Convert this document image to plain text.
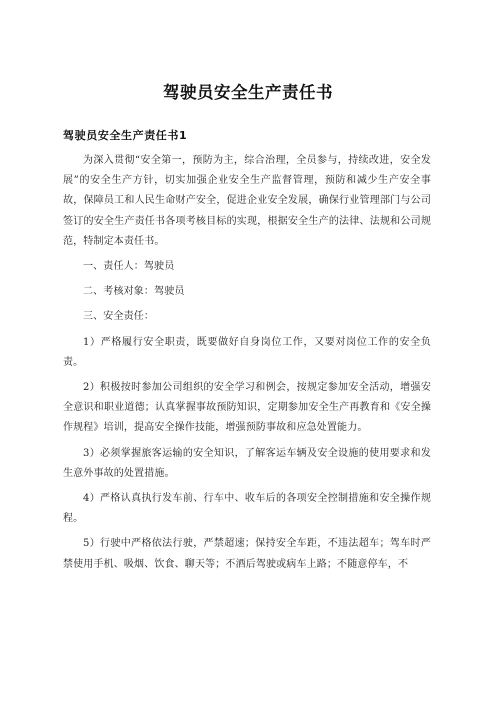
驾驶员安全生产责任书
驾驶员安全生产责任书1

为深入贯彻“安全第一，预防为主，综合治理，全员参与，持续改进，安全发展”的安全生产方针，切实加强企业安全生产监督管理，预防和减少生产安全事故，保障员工和人民生命财产安全，促进企业安全发展，确保行业管理部门与公司签订的安全生产责任书各项考核目标的实现，根据安全生产的法律、法规和公司规范，特制定本责任书。

一、责任人：驾驶员

二、考核对象：驾驶员

三、安全责任：

1）严格履行安全职责，既要做好自身岗位工作，又要对岗位工作的安全负责。

2）积极按时参加公司组织的安全学习和例会，按规定参加安全活动，增强安全意识和职业道德；认真掌握事故预防知识，定期参加安全生产再教育和《安全操作规程》培训，提高安全操作技能，增强预防事故和应急处置能力。

3）必须掌握旅客运输的安全知识，了解客运车辆及安全设施的使用要求和发生意外事故的处置措施。

4）严格认真执行发车前、行车中、收车后的各项安全控制措施和安全操作规程。

5）行驶中严格依法行驶，严禁超速；保持安全车距，不违法超车；驾车时严禁使用手机、吸烟、饮食、聊天等；不酒后驾驶或病车上路；不随意停车，不
